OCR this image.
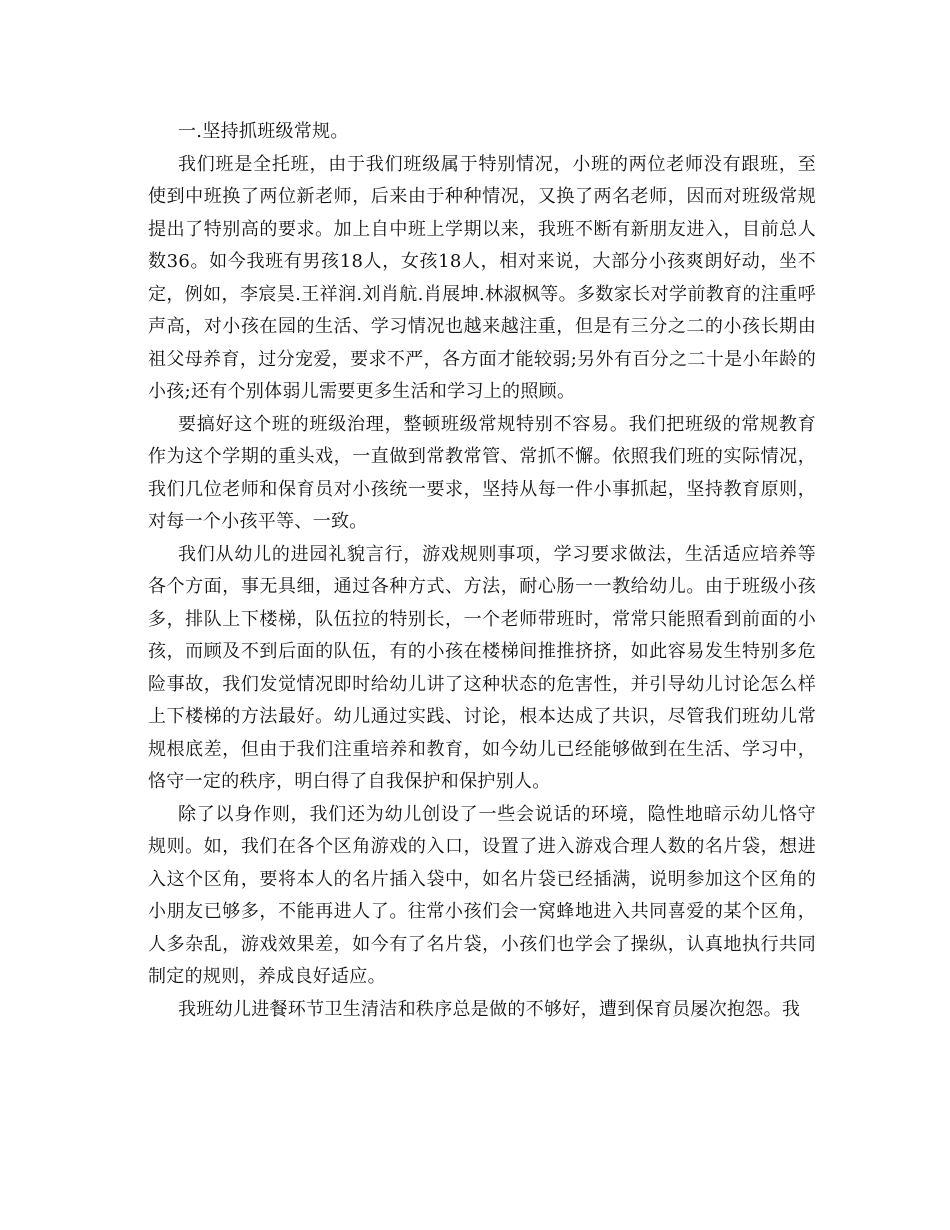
一.坚持抓班级常规。

我们班是全托班，由于我们班级属于特别情况，小班的两位老师没有跟班，至使到中班换了两位新老师，后来由于种种情况，又换了两名老师，因而对班级常规提出了特别高的要求。加上自中班上学期以来，我班不断有新朋友进入，目前总人数36。如今我班有男孩18人，女孩18人，相对来说，大部分小孩爽朗好动，坐不定，例如，李宸昊.王祥润.刘肖航.肖展坤.林淑枫等。多数家长对学前教育的注重呼声高，对小孩在园的生活、学习情况也越来越注重，但是有三分之二的小孩长期由祖父母养育，过分宠爱，要求不严，各方面才能较弱;另外有百分之二十是小年龄的小孩;还有个别体弱儿需要更多生活和学习上的照顾。

要搞好这个班的班级治理，整顿班级常规特别不容易。我们把班级的常规教育作为这个学期的重头戏，一直做到常教常管、常抓不懈。依照我们班的实际情况，我们几位老师和保育员对小孩统一要求，坚持从每一件小事抓起，坚持教育原则，对每一个小孩平等、一致。

我们从幼儿的进园礼貌言行，游戏规则事项，学习要求做法，生活适应培养等各个方面，事无具细，通过各种方式、方法，耐心肠一一教给幼儿。由于班级小孩多，排队上下楼梯，队伍拉的特别长，一个老师带班时，常常只能照看到前面的小孩，而顾及不到后面的队伍，有的小孩在楼梯间推推挤挤，如此容易发生特别多危险事故，我们发觉情况即时给幼儿讲了这种状态的危害性，并引导幼儿讨论怎么样上下楼梯的方法最好。幼儿通过实践、讨论，根本达成了共识，尽管我们班幼儿常规根底差，但由于我们注重培养和教育，如今幼儿已经能够做到在生活、学习中，恪守一定的秩序，明白得了自我保护和保护别人。

除了以身作则，我们还为幼儿创设了一些会说话的环境，隐性地暗示幼儿恪守规则。如，我们在各个区角游戏的入口，设置了进入游戏合理人数的名片袋，想进入这个区角，要将本人的名片插入袋中，如名片袋已经插满，说明参加这个区角的小朋友已够多，不能再进人了。往常小孩们会一窝蜂地进入共同喜爱的某个区角，人多杂乱，游戏效果差，如今有了名片袋，小孩们也学会了操纵，认真地执行共同制定的规则，养成良好适应。

我班幼儿进餐环节卫生清洁和秩序总是做的不够好，遭到保育员屡次抱怨。我
